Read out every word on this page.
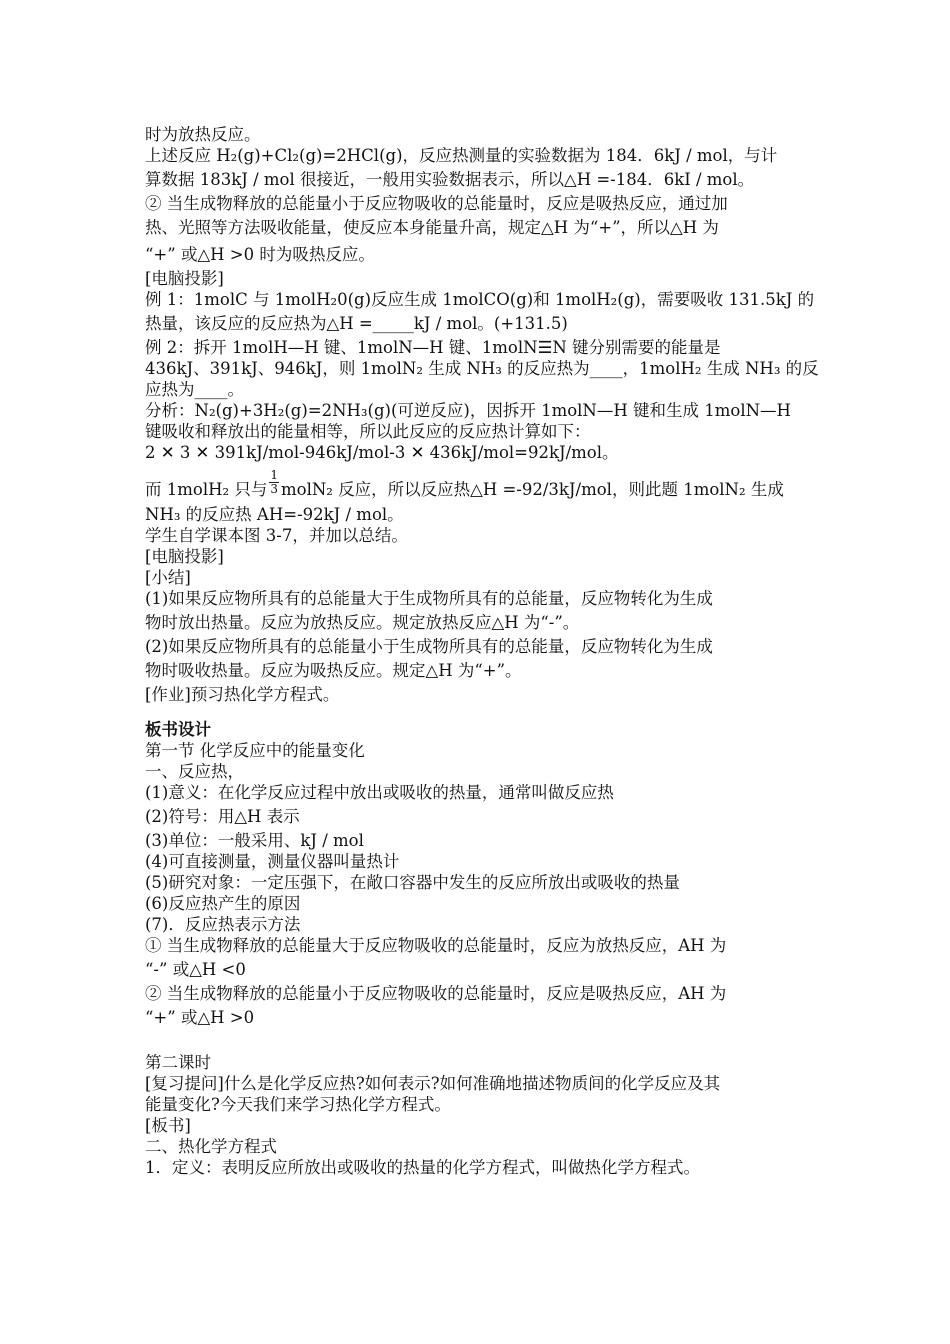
时为放热反应。
上述反应 H₂(g)+Cl₂(g)=2HCl(g)，反应热测量的实验数据为 184．6kJ / mol，与计
算数据 183kJ / mol 很接近，一般用实验数据表示，所以△H =-184．6kI / mol。
② 当生成物释放的总能量小于反应物吸收的总能量时，反应是吸热反应，通过加
热、光照等方法吸收能量，使反应本身能量升高，规定△H 为“+”，所以△H 为
“+” 或△H >0 时为吸热反应。
[电脑投影]
例 1：1molC 与 1molH₂0(g)反应生成 1molCO(g)和 1molH₂(g)，需要吸收 131.5kJ 的
热量，该反应的反应热为△H =_____kJ / mol。(+131.5)
例 2：拆开 1molH—H 键、1molN—H 键、1molN☰N 键分别需要的能量是
436kJ、391kJ、946kJ，则 1molN₂ 生成 NH₃ 的反应热为____，1molH₂ 生成 NH₃ 的反
应热为____。
分析：N₂(g)+3H₂(g)=2NH₃(g)(可逆反应)，因拆开 1molN—H 键和生成 1molN—H
键吸收和释放出的能量相等，所以此反应的反应热计算如下：
2 ✕ 3 ✕ 391kJ/mol-946kJ/mol-3 ✕ 436kJ/mol=92kJ/mol。
而 1molH₂ 只与 $\frac{1}{3}$ molN₂ 反应，所以反应热△H =-92/3kJ/mol，则此题 1molN₂ 生成
NH₃ 的反应热 AH=-92kJ / mol。
学生自学课本图 3-7，并加以总结。
[电脑投影]
[小结]
(1)如果反应物所具有的总能量大于生成物所具有的总能量，反应物转化为生成
物时放出热量。反应为放热反应。规定放热反应△H 为“-”。
(2)如果反应物所具有的总能量小于生成物所具有的总能量，反应物转化为生成
物时吸收热量。反应为吸热反应。规定△H 为“+”。
[作业]预习热化学方程式。
板书设计
第一节 化学反应中的能量变化
一、反应热，
(1)意义：在化学反应过程中放出或吸收的热量，通常叫做反应热
(2)符号：用△H 表示
(3)单位：一般采用、kJ / mol
(4)可直接测量，测量仪器叫量热计
(5)研究对象：一定压强下，在敞口容器中发生的反应所放出或吸收的热量
(6)反应热产生的原因
(7)．反应热表示方法
① 当生成物释放的总能量大于反应物吸收的总能量时，反应为放热反应，AH 为
“-” 或△H <0
② 当生成物释放的总能量小于反应物吸收的总能量时，反应是吸热反应，AH 为
“+” 或△H >0
第二课时
[复习提问]什么是化学反应热?如何表示?如何准确地描述物质间的化学反应及其
能量变化?今天我们来学习热化学方程式。
[板书]
二、热化学方程式
1．定义：表明反应所放出或吸收的热量的化学方程式，叫做热化学方程式。
